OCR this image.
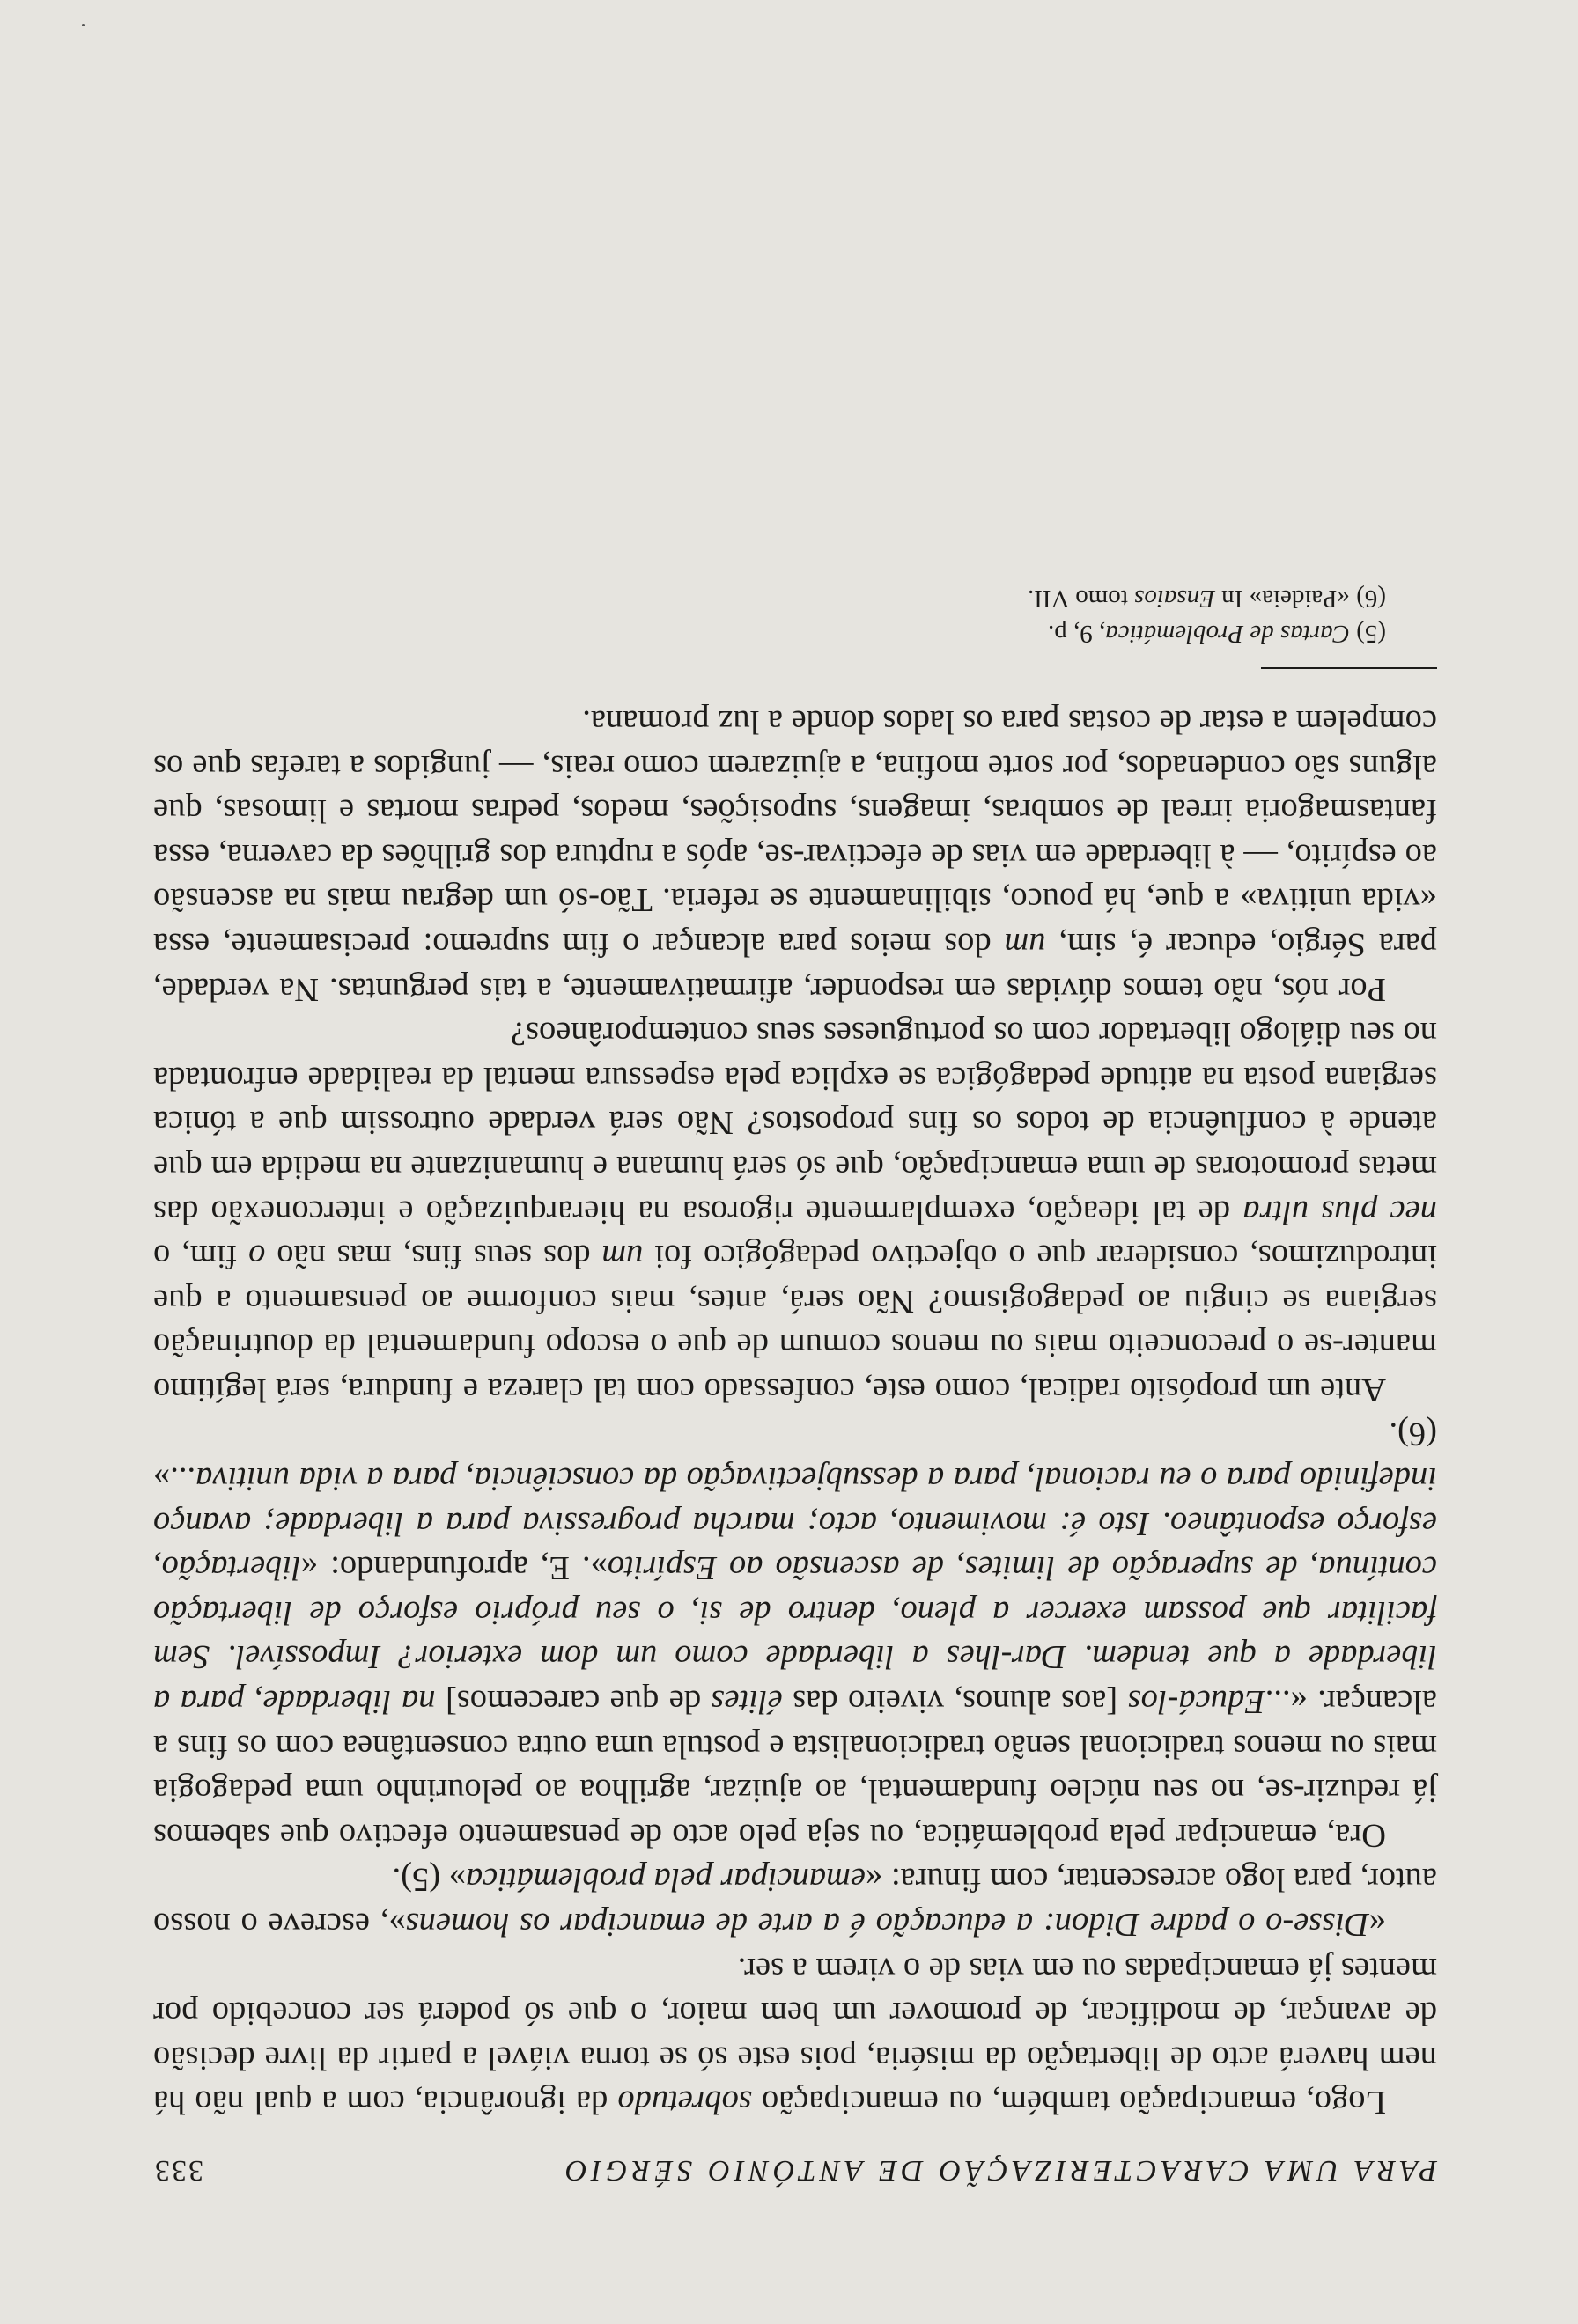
PARA UMA CARACTERIZAÇÃO DE ANTÓNIO SÉRGIO
333

Logo, emancipação também, ou emancipação sobretudo da ignorância, com a qual não há nem haverá acto de libertação da miséria, pois este só se torna viável a partir da livre decisão de avançar, de modificar, de promover um bem maior, o que só poderá ser concebido por mentes já emancipadas ou em vias de o virem a ser.

«Disse-o o padre Didon: a educação é a arte de emancipar os homens», escreve o nosso autor, para logo acrescentar, com finura: «emancipar pela problemática» (5).

Ora, emancipar pela problemática, ou seja pelo acto de pensamento efectivo que sabemos já reduzir-se, no seu núcleo fundamental, ao ajuizar, agrilhoa ao pelourinho uma pedagogia mais ou menos tradicional senão tradicionalista e postula uma outra consentânea com os fins a alcançar. «...Educá-los [aos alunos, viveiro das élites de que carecemos] na liberdade, para a liberdade a que tendem. Dar-lhes a liberdade como um dom exterior? Impossível. Sem facilitar que possam exercer a pleno, dentro de si, o seu próprio esforço de libertação contínua, de superação de limites, de ascensão ao Espírito». E, aprofundando: «libertação, esforço espontâneo. Isto é: movimento, acto; marcha progressiva para a liberdade; avanço indefinido para o eu racional, para a dessubjectivação da consciência, para a vida unitiva...» (6).

Ante um propósito radical, como este, confessado com tal clareza e fundura, será legítimo manter-se o preconceito mais ou menos comum de que o escopo fundamental da doutrinação sergiana se cingiu ao pedagogismo? Não será, antes, mais conforme ao pensamento a que introduzimos, considerar que o objectivo pedagógico foi um dos seus fins, mas não o fim, o nec plus ultra de tal ideação, exemplarmente rigorosa na hierarquização e interconexão das metas promotoras de uma emancipação, que só será humana e humanizante na medida em que atende à confluência de todos os fins propostos? Não será verdade outrossim que a tónica sergiana posta na atitude pedagógica se explica pela espessura mental da realidade enfrontada no seu diálogo libertador com os portugueses seus contemporâneos?

Por nós, não temos dúvidas em responder, afirmativamente, a tais perguntas. Na verdade, para Sérgio, educar é, sim, um dos meios para alcançar o fim supremo: precisamente, essa «vida unitiva» a que, há pouco, sibilinamente se referia. Tão-só um degrau mais na ascensão ao espírito, — à liberdade em vias de efectivar-se, após a ruptura dos grilhões da caverna, essa fantasmagoria irreal de sombras, imagens, suposições, medos, pedras mortas e limosas, que alguns são condenados, por sorte mofina, a ajuizarem como reais, — jungidos a tarefas que os compelem a estar de costas para os lados donde a luz promana.

(5) Cartas de Problemática, 9, p.

(6) «Paideia» In Ensaios tomo VII.
